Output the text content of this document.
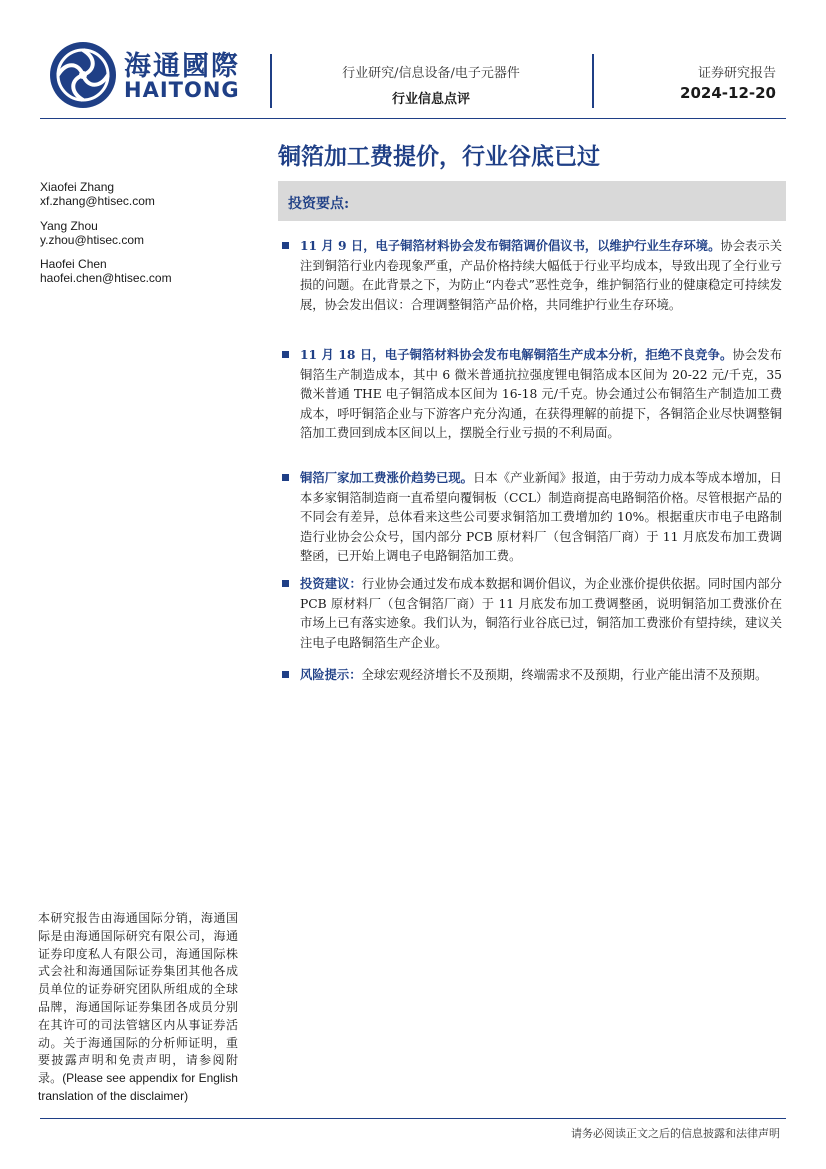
海通國際
HAITONG
行业研究/信息设备/电子元器件
行业信息点评
证券研究报告
2024-12-20
铜箔加工费提价，行业谷底已过
Xiaofei Zhang
xf.zhang@htisec.com
Yang Zhou
y.zhou@htisec.com
Haofei Chen
haofei.chen@htisec.com
投资要点:
11 月 9 日，电子铜箔材料协会发布铜箔调价倡议书，以维护行业生存环境。协会表示关注到铜箔行业内卷现象严重，产品价格持续大幅低于行业平均成本，导致出现了全行业亏损的问题。在此背景之下，为防止“内卷式”恶性竞争，维护铜箔行业的健康稳定可持续发展，协会发出倡议：合理调整铜箔产品价格，共同维护行业生存环境。
11 月 18 日，电子铜箔材料协会发布电解铜箔生产成本分析，拒绝不良竞争。协会发布铜箔生产制造成本，其中 6 微米普通抗拉强度锂电铜箔成本区间为 20-22 元/千克，35 微米普通 THE 电子铜箔成本区间为 16-18 元/千克。协会通过公布铜箔生产制造加工费成本，呼吁铜箔企业与下游客户充分沟通，在获得理解的前提下，各铜箔企业尽快调整铜箔加工费回到成本区间以上，摆脱全行业亏损的不利局面。
铜箔厂家加工费涨价趋势已现。日本《产业新闻》报道，由于劳动力成本等成本增加，日本多家铜箔制造商一直希望向覆铜板（CCL）制造商提高电路铜箔价格。尽管根据产品的不同会有差异，总体看来这些公司要求铜箔加工费增加约 10%。根据重庆市电子电路制造行业协会公众号，国内部分 PCB 原材料厂（包含铜箔厂商）于 11 月底发布加工费调整函，已开始上调电子电路铜箔加工费。
投资建议：行业协会通过发布成本数据和调价倡议，为企业涨价提供依据。同时国内部分 PCB 原材料厂（包含铜箔厂商）于 11 月底发布加工费调整函，说明铜箔加工费涨价在市场上已有落实迹象。我们认为，铜箔行业谷底已过，铜箔加工费涨价有望持续，建议关注电子电路铜箔生产企业。
风险提示：全球宏观经济增长不及预期，终端需求不及预期，行业产能出清不及预期。
本研究报告由海通国际分销，海通国际是由海通国际研究有限公司，海通证券印度私人有限公司，海通国际株式会社和海通国际证券集团其他各成员单位的证券研究团队所组成的全球品牌，海通国际证券集团各成员分别在其许可的司法管辖区内从事证券活动。关于海通国际的分析师证明，重要披露声明和免责声明，请参阅附录。(Please see appendix for English translation of the disclaimer)
请务必阅读正文之后的信息披露和法律声明
